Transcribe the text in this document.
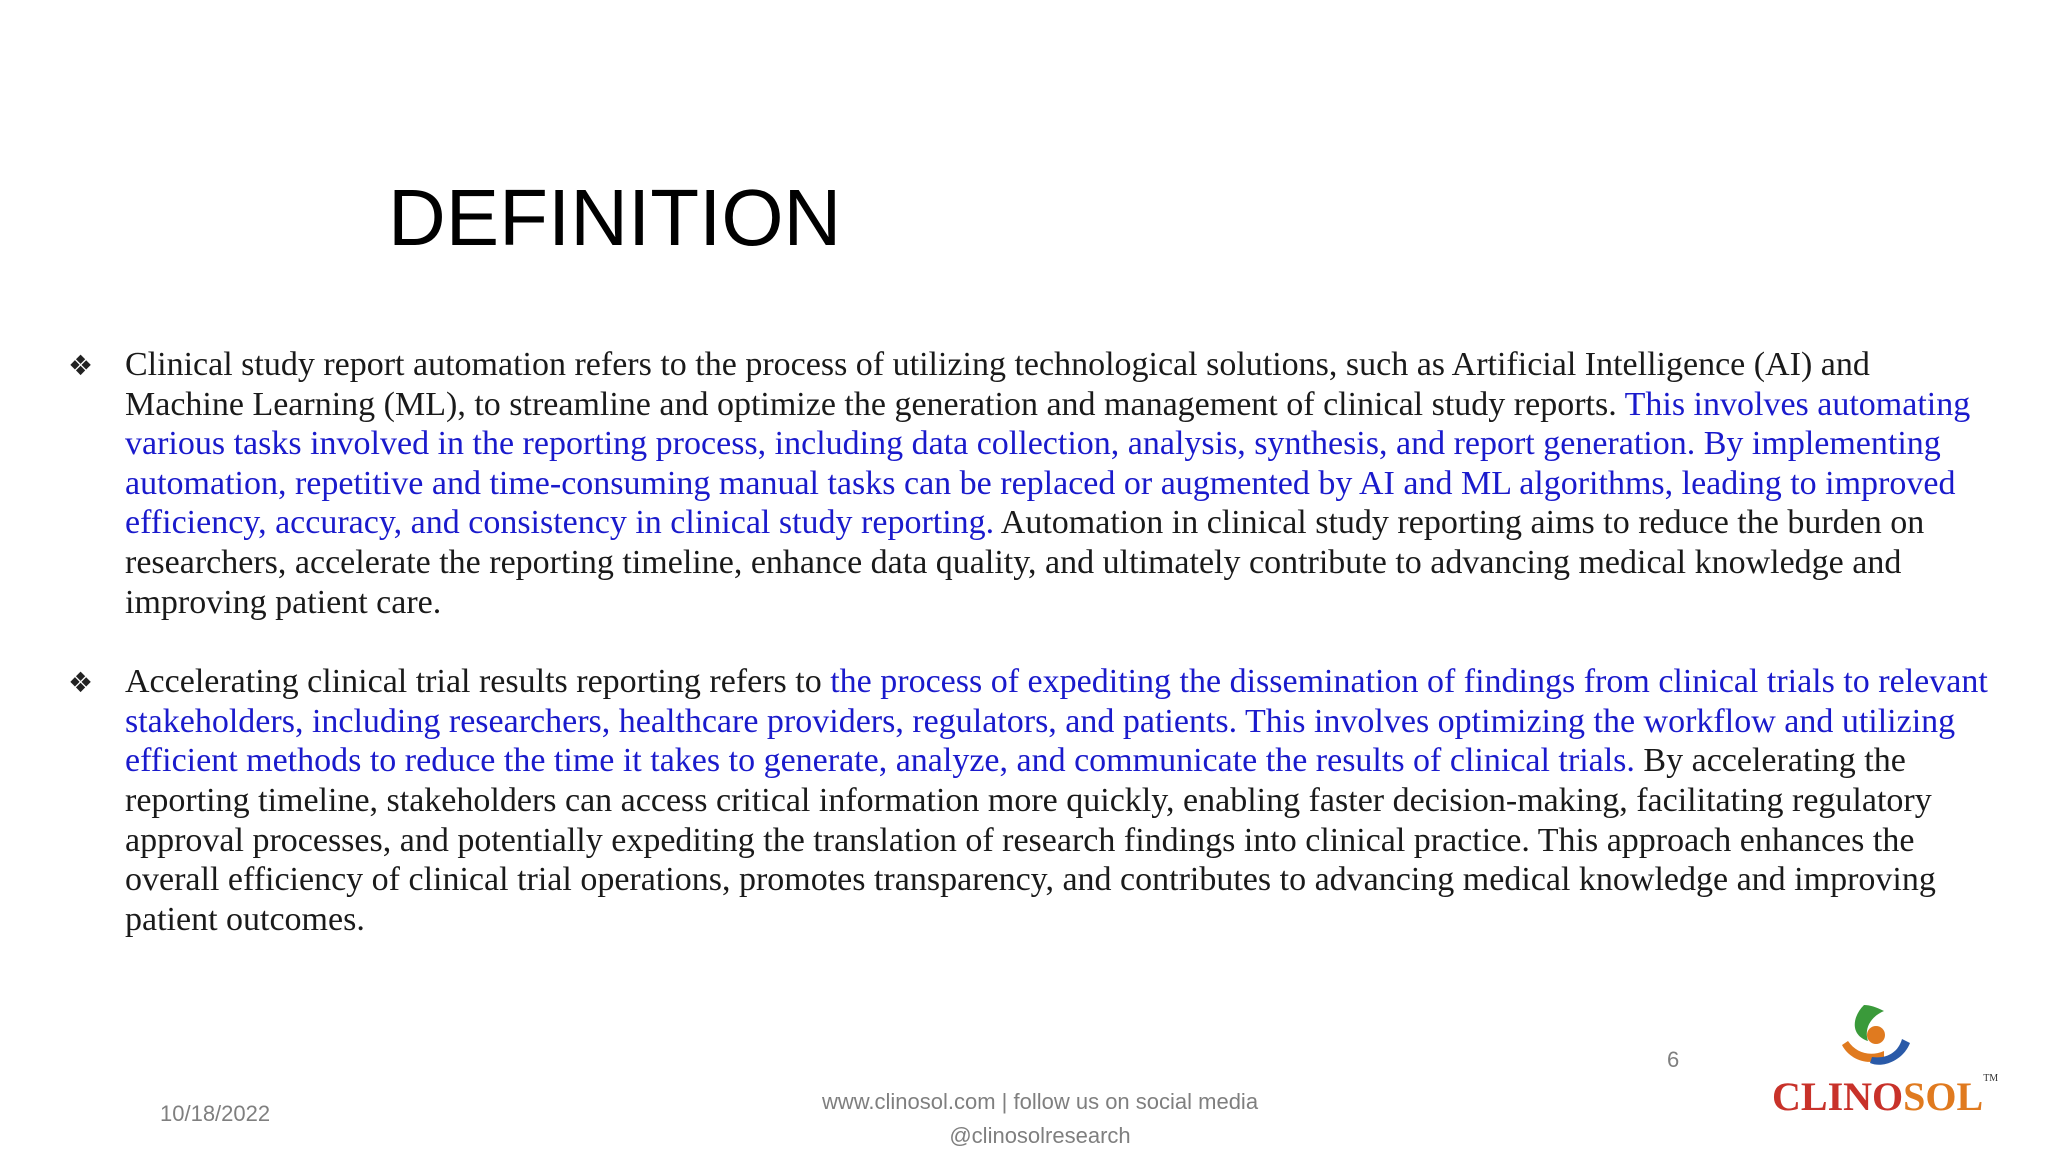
DEFINITION
❖ Clinical study report automation refers to the process of utilizing technological solutions, such as Artificial Intelligence (AI) and Machine Learning (ML), to streamline and optimize the generation and management of clinical study reports. This involves automating various tasks involved in the reporting process, including data collection, analysis, synthesis, and report generation. By implementing automation, repetitive and time-consuming manual tasks can be replaced or augmented by AI and ML algorithms, leading to improved efficiency, accuracy, and consistency in clinical study reporting. Automation in clinical study reporting aims to reduce the burden on researchers, accelerate the reporting timeline, enhance data quality, and ultimately contribute to advancing medical knowledge and improving patient care.

❖ Accelerating clinical trial results reporting refers to the process of expediting the dissemination of findings from clinical trials to relevant stakeholders, including researchers, healthcare providers, regulators, and patients. This involves optimizing the workflow and utilizing efficient methods to reduce the time it takes to generate, analyze, and communicate the results of clinical trials. By accelerating the reporting timeline, stakeholders can access critical information more quickly, enabling faster decision-making, facilitating regulatory approval processes, and potentially expediting the translation of research findings into clinical practice. This approach enhances the overall efficiency of clinical trial operations, promotes transparency, and contributes to advancing medical knowledge and improving patient outcomes.

10/18/2022	www.clinosol.com | follow us on social media
@clinosolresearch
6
CLINOSOL™
